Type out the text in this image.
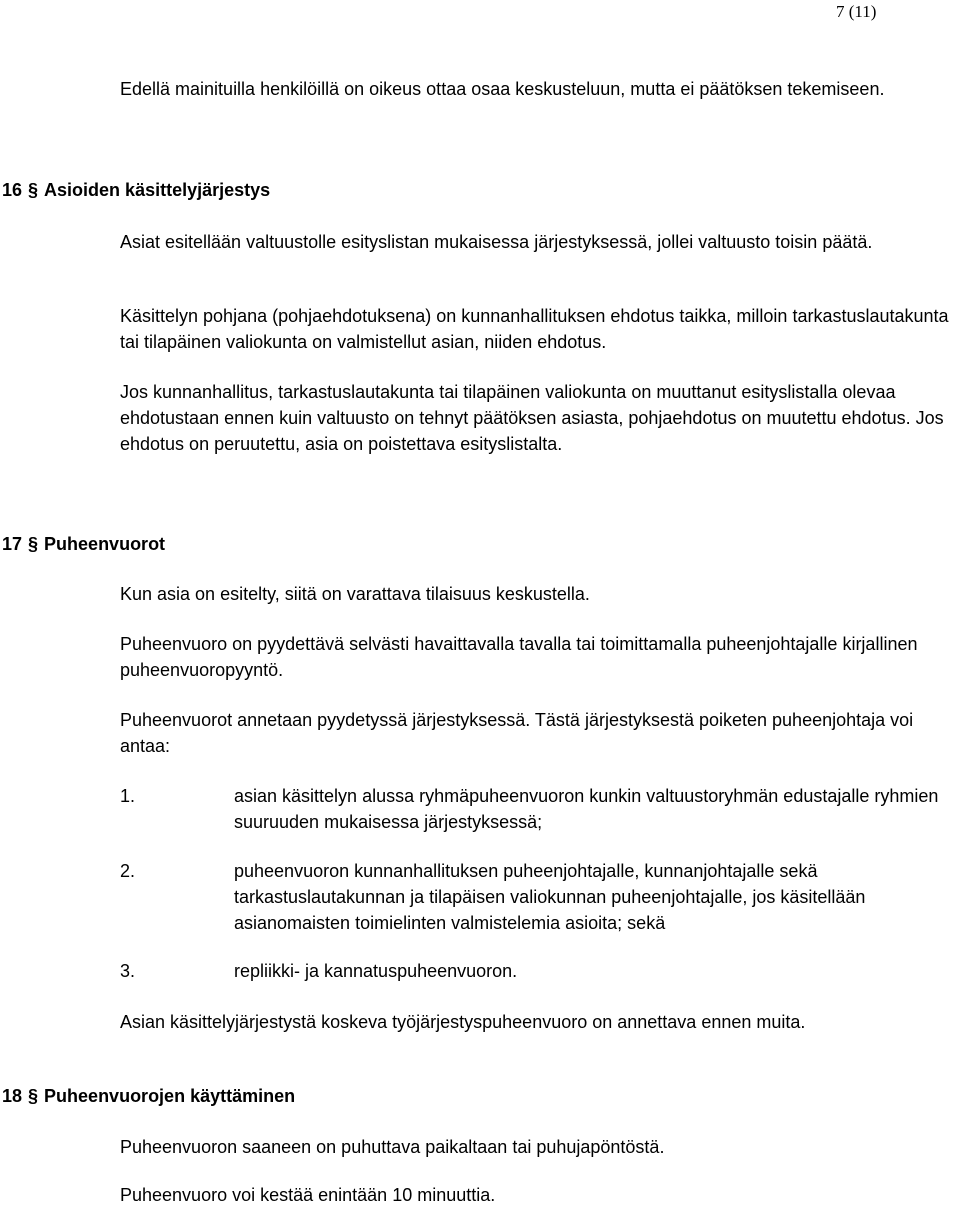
7 (11)

Edellä mainituilla henkilöillä on oikeus ottaa osaa keskusteluun, mutta ei päätöksen tekemiseen.

16 § Asioiden käsittelyjärjestys

Asiat esitellään valtuustolle esityslistan mukaisessa järjestyksessä, jollei valtuusto toisin päätä.

Käsittelyn pohjana (pohjaehdotuksena) on kunnanhallituksen ehdotus taikka, milloin tarkastuslautakunta tai tilapäinen valiokunta on valmistellut asian, niiden ehdotus.

Jos kunnanhallitus, tarkastuslautakunta tai tilapäinen valiokunta on muuttanut esityslistalla olevaa ehdotustaan ennen kuin valtuusto on tehnyt päätöksen asiasta, pohjaehdotus on muutettu ehdotus. Jos ehdotus on peruutettu, asia on poistettava esityslistalta.

17 § Puheenvuorot

Kun asia on esitelty, siitä on varattava tilaisuus keskustella.

Puheenvuoro on pyydettävä selvästi havaittavalla tavalla tai toimittamalla puheenjohtajalle kirjallinen puheenvuoropyyntö.

Puheenvuorot annetaan pyydetyssä järjestyksessä. Tästä järjestyksestä poiketen puheenjohtaja voi antaa:

1.	asian käsittelyn alussa ryhmäpuheenvuoron kunkin valtuustoryhmän edustajalle ryhmien suuruuden mukaisessa järjestyksessä;

2.	puheenvuoron kunnanhallituksen puheenjohtajalle, kunnanjohtajalle sekä tarkastuslautakunnan ja tilapäisen valiokunnan puheenjohtajalle, jos käsitellään asianomaisten toimielinten valmistelemia asioita; sekä

3.	repliikki- ja kannatuspuheenvuoron.

Asian käsittelyjärjestystä koskeva työjärjestyspuheenvuoro on annettava ennen muita.

18 § Puheenvuorojen käyttäminen

Puheenvuoron saaneen on puhuttava paikaltaan tai puhujapöntöstä.

Puheenvuoro voi kestää enintään 10 minuuttia.
